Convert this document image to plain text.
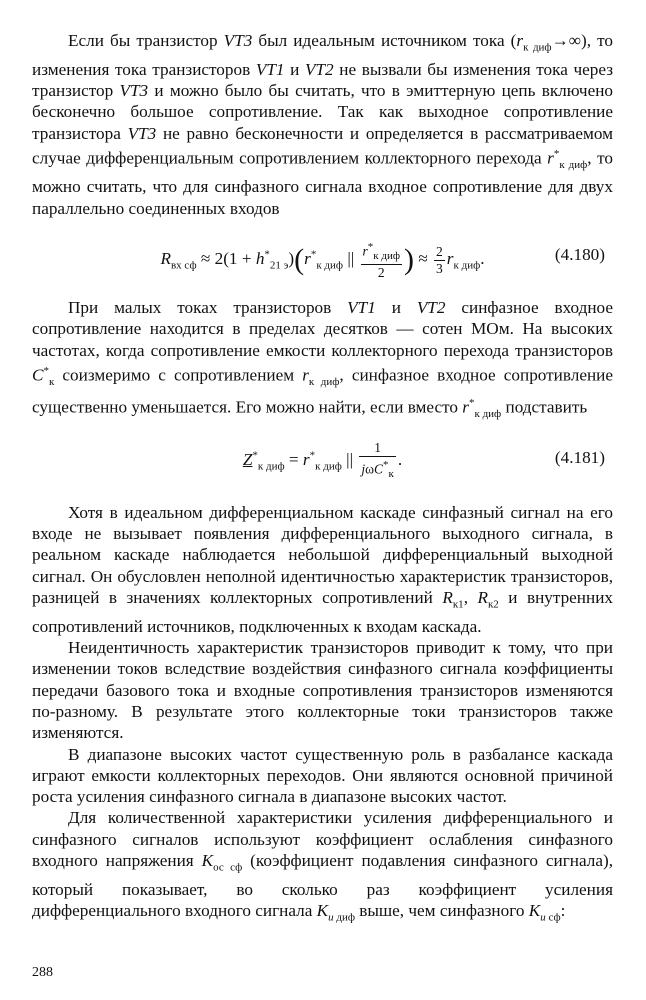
Если бы транзистор VT3 был идеальным источником тока $(r_{к диф}\to\infty)$, то изменения тока транзисторов VT1 и VT2 не вызвали бы изменения тока через транзистор VT3 и можно было бы считать, что в эмиттерную цепь включено бесконечно большое сопротивление. Так как выходное сопротивление транзистора VT3 не равно бесконечности и определяется в рассматриваемом случае дифференциальным сопротивлением коллекторного перехода $r^*_{к диф}$, то можно считать, что для синфазного сигнала входное сопротивление для двух параллельно соединенных входов

$R_{вх сф} \approx 2(1 + h^*_{21 э})(r^*_{к диф}$ || $\frac{r^*_{к диф}}{2}$ ) ≈ $\frac{2}{3} r_{к диф}$.	(4.180)

При малых токах транзисторов VT1 и VT2 синфазное входное сопротивление находится в пределах десятков — сотен МОм. На высоких частотах, когда сопротивление емкости коллекторного перехода транзисторов $C^*_к$ соизмеримо с сопротивлением $r_{к диф}$, синфазное входное сопротивление существенно уменьшается. Его можно найти, если вместо $r^*_{к диф}$ подставить

$Z^*_{к диф} = r^*_{к диф}$ || $\frac{1}{j\omega C^*_к}$ .	(4.181)

Хотя в идеальном дифференциальном каскаде синфазный сигнал на его входе не вызывает появления дифференциального выходного сигнала, в реальном каскаде наблюдается небольшой дифференциальный выходной сигнал. Он обусловлен неполной идентичностью характеристик транзисторов, разницей в значениях коллекторных сопротивлений $R_{к1}$, $R_{к2}$ и внутренних сопротивлений источников, подключенных к входам каскада.

Неидентичность характеристик транзисторов приводит к тому, что при изменении токов вследствие воздействия синфазного сигнала коэффициенты передачи базового тока и входные сопротивления транзисторов изменяются по-разному. В результате этого коллекторные токи транзисторов также изменяются.

В диапазоне высоких частот существенную роль в разбалансе каскада играют емкости коллекторных переходов. Они являются основной причиной роста усиления синфазного сигнала в диапазоне высоких частот.

Для количественной характеристики усиления дифференциального и синфазного сигналов используют коэффициент ослабления синфазного входного напряжения $K_{ос сф}$ (коэффициент подавления синфазного сигнала), который показывает, во сколько раз коэффициент усиления дифференциального входного сигнала $K_{и диф}$ выше, чем синфазного $K_{и сф}$:

288
